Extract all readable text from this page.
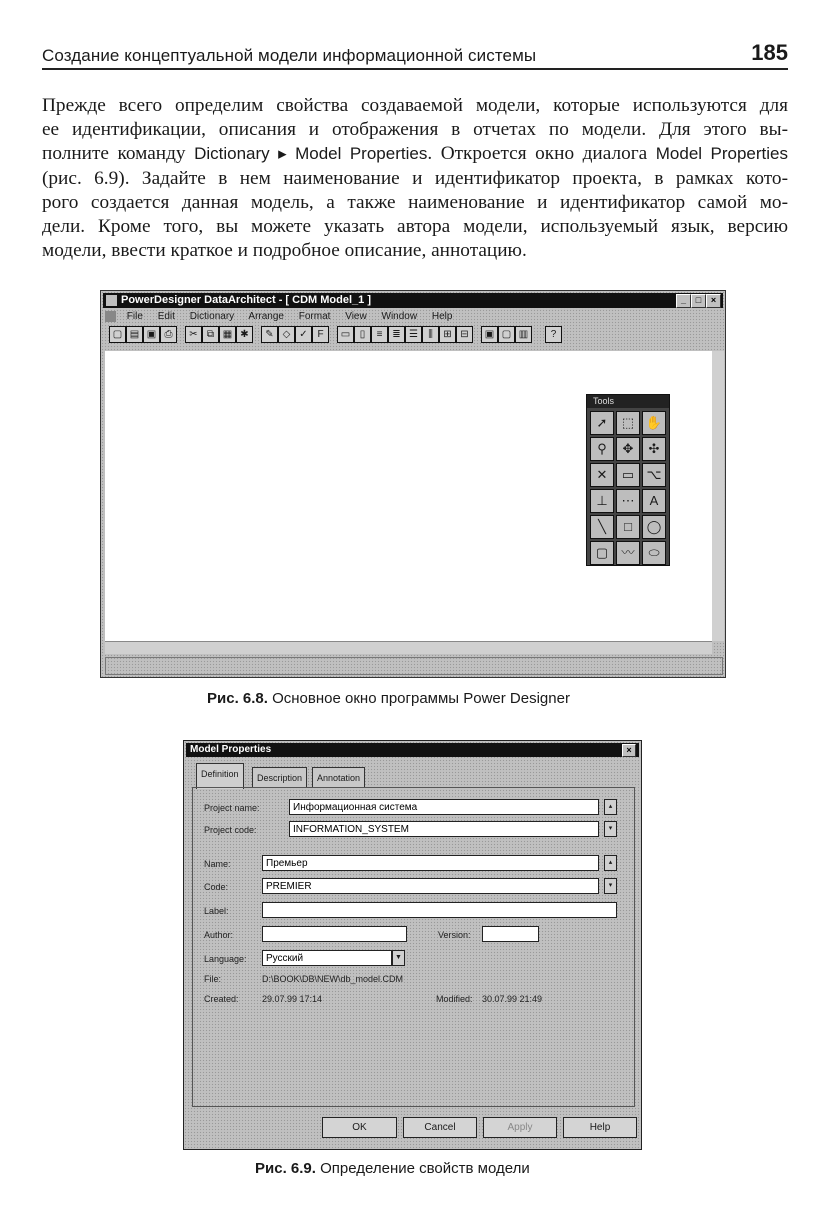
Создание концептуальной модели информационной системы	185
Прежде всего определим свойства создаваемой модели, которые используются для
ее идентификации, описания и отображения в отчетах по модели. Для этого вы-
полните команду Dictionary ▸ Model Properties. Откроется окно диалога Model Properties
(рис. 6.9). Задайте в нем наименование и идентификатор проекта, в рамках кото-
рого создается данная модель, а также наименование и идентификатор самой мо-
дели. Кроме того, вы можете указать автора модели, используемый язык, версию
модели, ввести краткое и подробное описание, аннотацию.
PowerDesigner DataArchitect - [ CDM Model_1 ]	_	□	×
File Edit Dictionary Arrange Format View Window Help
▢ ▤ ▣ ⎙	✂ ⧉ ▦ ✱	✎ ◇ ✓ F	▭ ▯	≡ ≣ ☰	⫼	⊞ ⊟	▣ ▢ ▥	?
Tools
➚	⬚ ✋
⚲	✥	✣
✕	▭ ⌥
⊥	⋯	A
╲	□	◯
▢	〰	⬭
Рис. 6.8. Основное окно программы Power Designer
Model Properties	×
Definition	Description	Annotation
Project name:	Информационная система	▴
Project code:	INFORMATION_SYSTEM	▾
Name:	Премьер	▴
Code:	PREMIER	▾
Label:
Author:	Version:
Language:	Русский	▼
File:	D:\BOOK\DB\NEW\db_model.CDM
Created:	29.07.99 17:14	Modified: 30.07.99 21:49
OK	Cancel	Apply	Help
Рис. 6.9. Определение свойств модели
